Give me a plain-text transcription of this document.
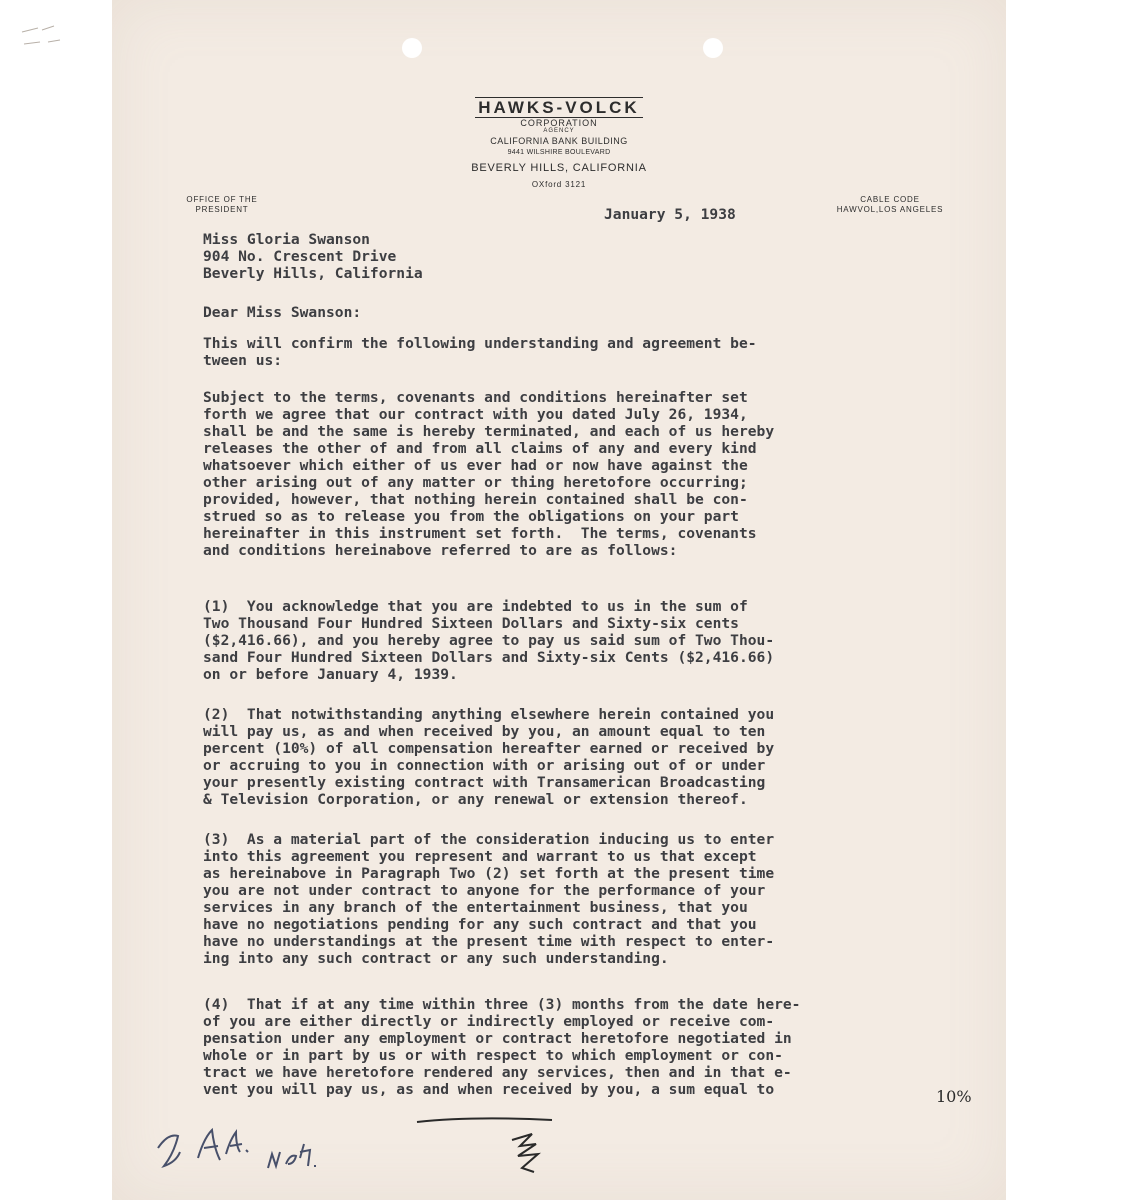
HAWKS-VOLCK
CORPORATION
AGENCY
CALIFORNIA BANK BUILDING
9441 WILSHIRE BOULEVARD
BEVERLY HILLS, CALIFORNIA
OXford 3121
OFFICE OF THE
PRESIDENT
CABLE CODE
HAWVOL,LOS ANGELES
January 5, 1938
Miss Gloria Swanson
904 No. Crescent Drive
Beverly Hills, California
Dear Miss Swanson:
This will confirm the following understanding and agreement be-
tween us:
Subject to the terms, covenants and conditions hereinafter set
forth we agree that our contract with you dated July 26, 1934,
shall be and the same is hereby terminated, and each of us hereby
releases the other of and from all claims of any and every kind
whatsoever which either of us ever had or now have against the
other arising out of any matter or thing heretofore occurring;
provided, however, that nothing herein contained shall be con-
strued so as to release you from the obligations on your part
hereinafter in this instrument set forth.  The terms, covenants
and conditions hereinabove referred to are as follows:
(1)  You acknowledge that you are indebted to us in the sum of
Two Thousand Four Hundred Sixteen Dollars and Sixty-six cents
($2,416.66), and you hereby agree to pay us said sum of Two Thou-
sand Four Hundred Sixteen Dollars and Sixty-six Cents ($2,416.66)
on or before January 4, 1939.
(2)  That notwithstanding anything elsewhere herein contained you
will pay us, as and when received by you, an amount equal to ten
percent (10%) of all compensation hereafter earned or received by
or accruing to you in connection with or arising out of or under
your presently existing contract with Transamerican Broadcasting
& Television Corporation, or any renewal or extension thereof.
(3)  As a material part of the consideration inducing us to enter
into this agreement you represent and warrant to us that except
as hereinabove in Paragraph Two (2) set forth at the present time
you are not under contract to anyone for the performance of your
services in any branch of the entertainment business, that you
have no negotiations pending for any such contract and that you
have no understandings at the present time with respect to enter-
ing into any such contract or any such understanding.
(4)  That if at any time within three (3) months from the date here-
of you are either directly or indirectly employed or receive com-
pensation under any employment or contract heretofore negotiated in
whole or in part by us or with respect to which employment or con-
tract we have heretofore rendered any services, then and in that e-
vent you will pay us, as and when received by you, a sum equal to	10%
